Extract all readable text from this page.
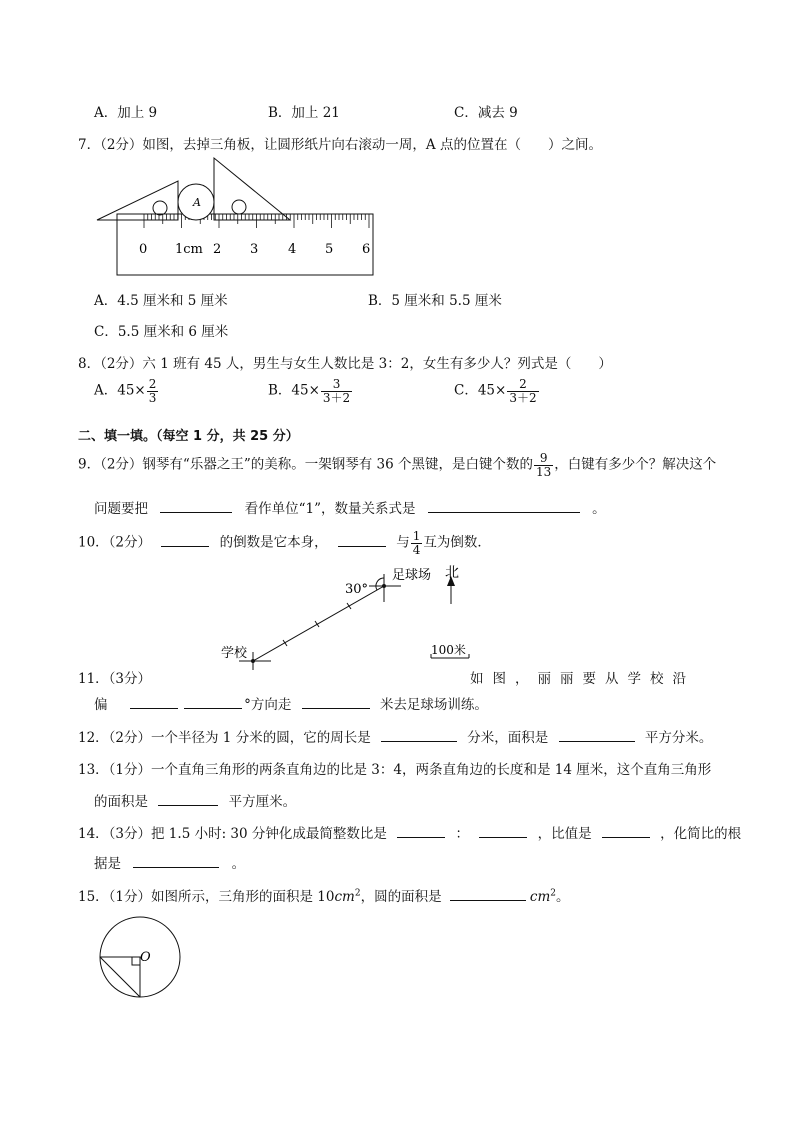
A．加上 9	B．加上 21	C．减去 9
7．（2分）如图，去掉三角板，让圆形纸片向右滚动一周，A 点的位置在（　　）之间。
A
0 1cm 2 3 4 5 6
A．4.5 厘米和 5 厘米	B．5 厘米和 5.5 厘米
C．5.5 厘米和 6 厘米
8．（2分）六 1 班有 45 人，男生与女生人数比是 3：2，女生有多少人？列式是（　　）
A．$45\times \frac{2}{3}$	B．$45\times \frac{3}{3+2}$	C．$45\times \frac{2}{3+2}$
二、填一填。（每空 1 分，共 25 分）
9．（2分）钢琴有“乐器之王”的美称。一架钢琴有 36 个黑键，是白键个数的 $\frac{9}{13}$ ，白键有多少个？解决这个
问题要把	看作单位“1”，数量关系式是	。
10．（2分）	的倒数是它本身，	与 $\frac{1}{4}$ 互为倒数．
30°
足球场 北
100米
学校
11．（3分）	如图，丽丽要从学校沿
偏	°方向走	米去足球场训练。
12．（2分）一个半径为 1 分米的圆，它的周长是	分米，面积是	平方分米。
13．（1分）一个直角三角形的两条直角边的比是 3：4，两条直角边的长度和是 14 厘米，这个直角三角形
的面积是	平方厘米。
14．（3分）把 1.5 小时: 30 分钟化成最简整数比是	：	，比值是	，化简比的根
据是	。
15．（1分）如图所示，三角形的面积是 $10cm^2$，圆的面积是	$cm^2$。
O
